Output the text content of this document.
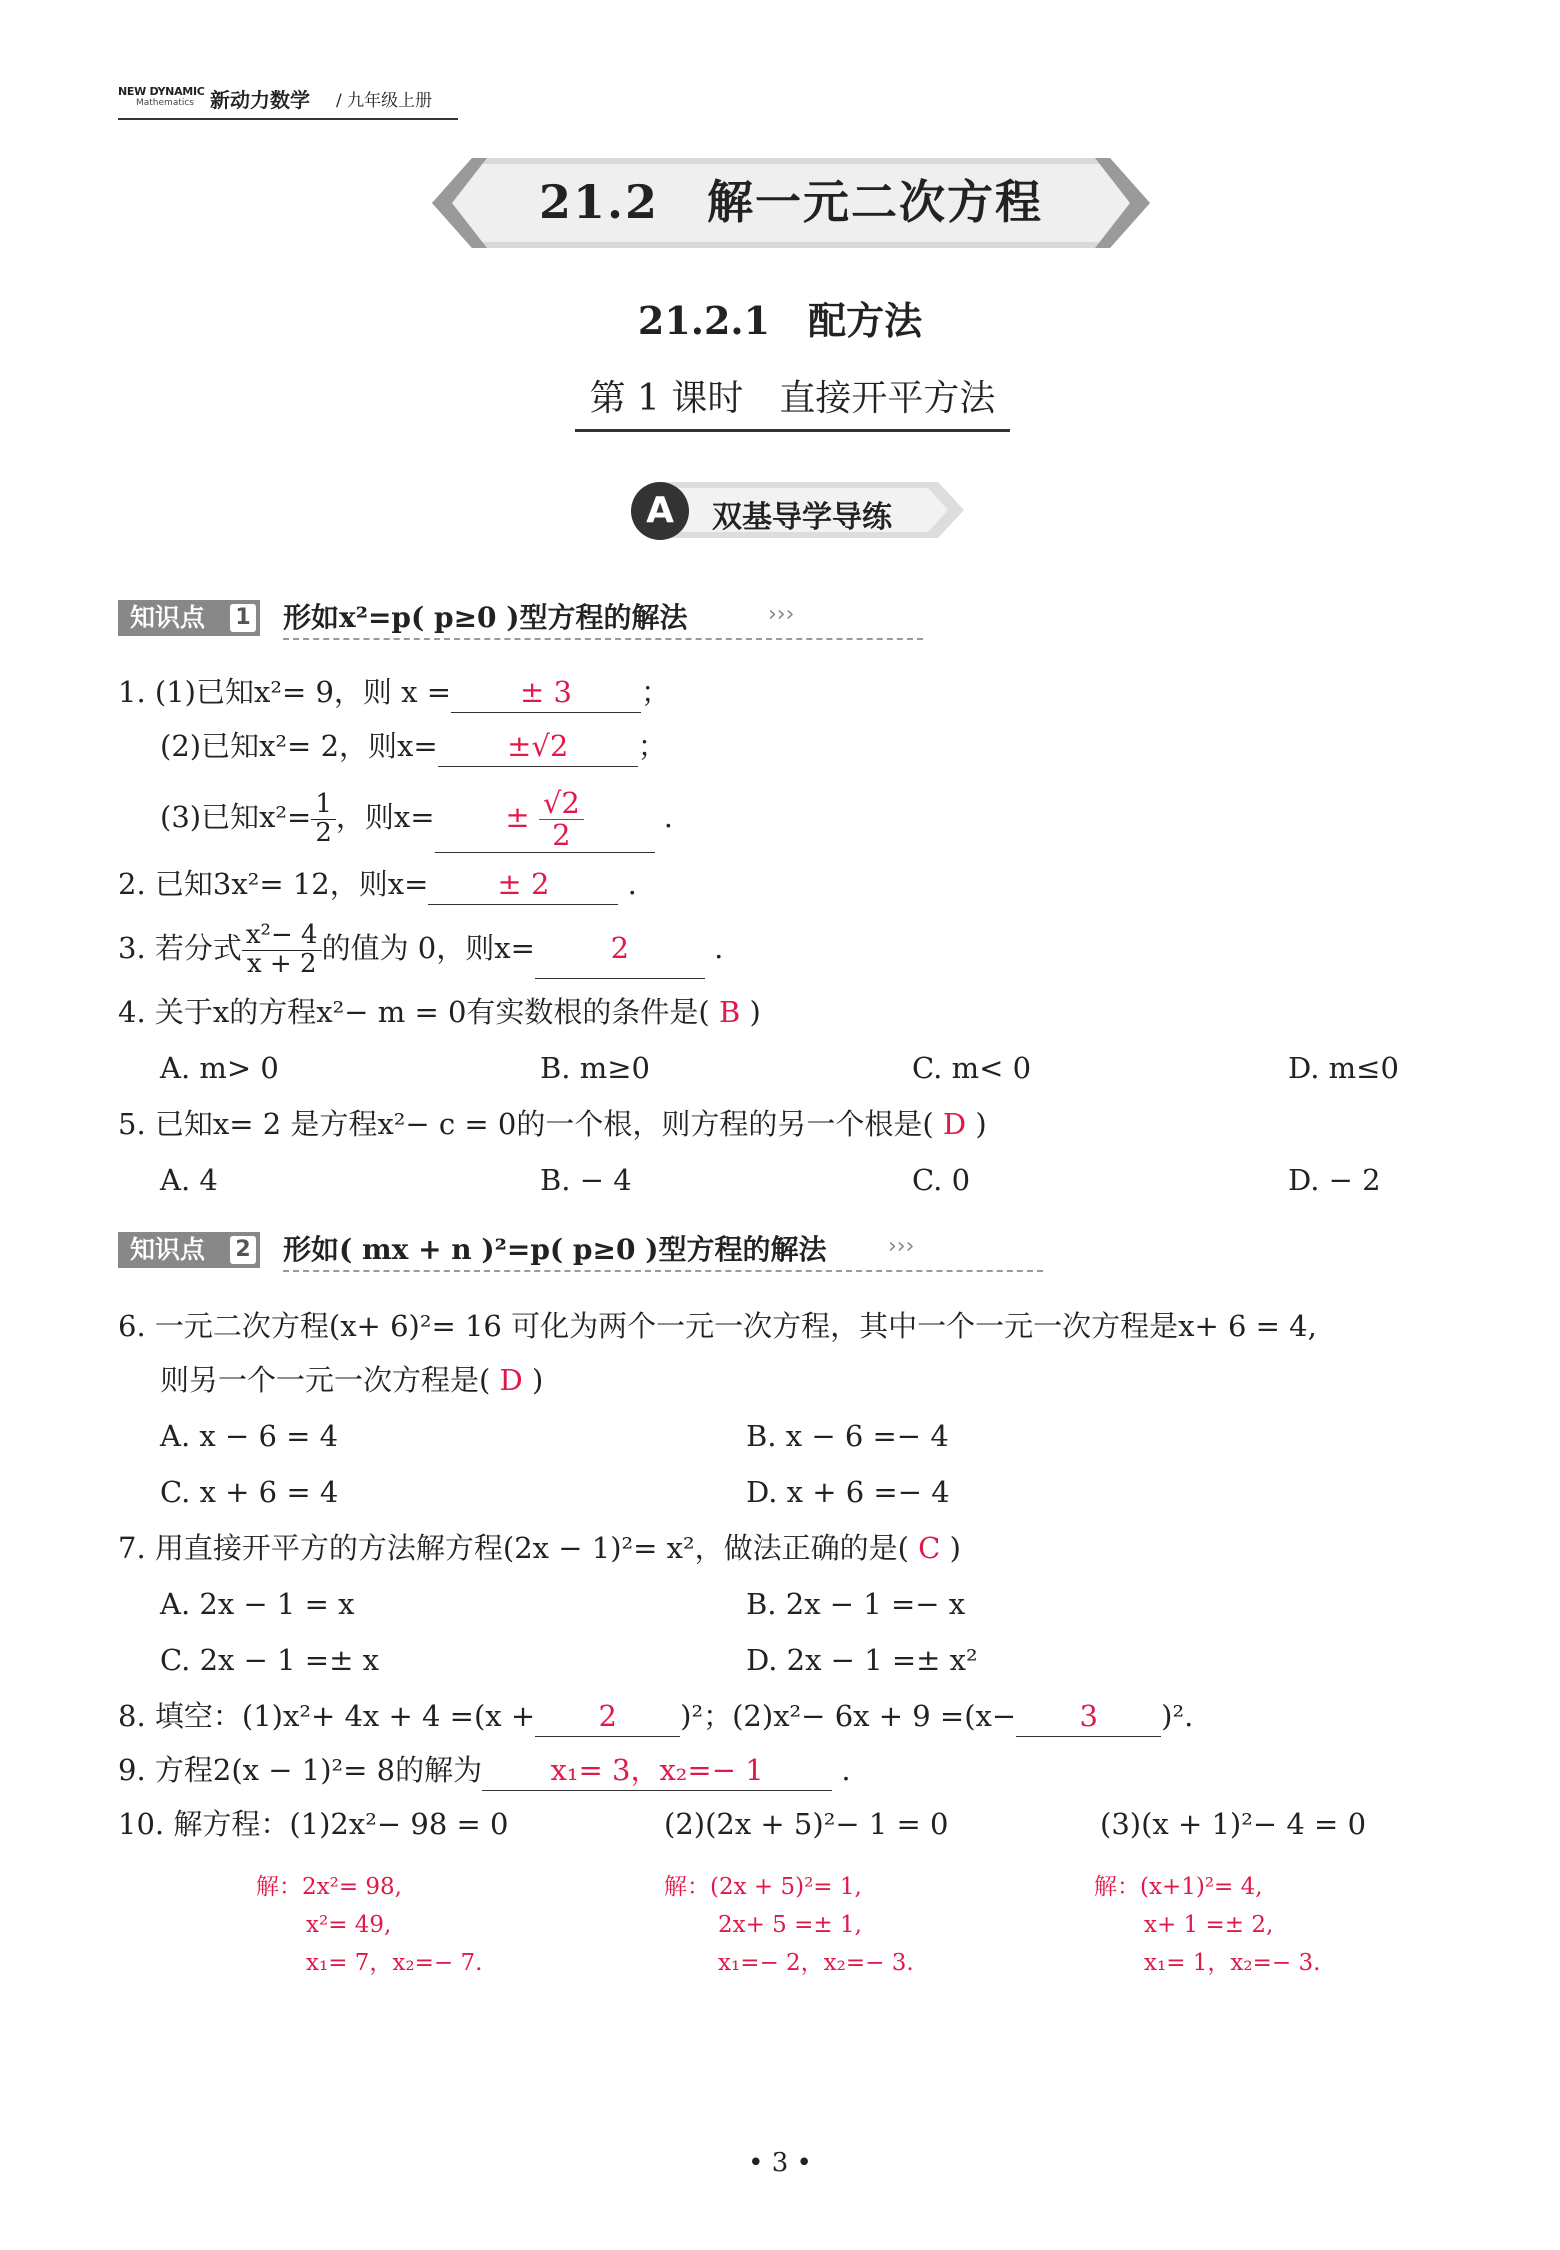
NEW DYNAMIC
Mathematics 新动力数学 / 九年级上册
21.2　解一元二次方程
21.2.1　配方法
第 1 课时　直接开平方法
A	双基导学导练
知识点 1 形如x²=p( p≥0 )型方程的解法	›››
1. (1)已知x²= 9，则 x = ± 3 ；
(2)已知x²= 2，则x= ±√2 ；
(3)已知$x^2= \frac{1}{2}$ ，则$x= \pm \frac{√2}{2}$ .
2. 已知3x²= 12，则x= ± 2 .
3. 若分式 $\frac{\text{x²− 4}}{x + 2}$ 的值为 0，则x=	2	.
4. 关于x的方程x²− m = 0有实数根的条件是( B )
A. m> 0	B. m≥0	C. m< 0	D. m≤0
5. 已知x= 2 是方程x²− c = 0的一个根，则方程的另一个根是( D )
A. 4	B. − 4	C. 0	D. − 2
知识点 2 形如( mx + n )²=p( p≥0 )型方程的解法	›››
6. 一元二次方程(x+ 6)²= 16 可化为两个一元一次方程，其中一个一元一次方程是x+ 6 = 4,
则另一个一元一次方程是( D )
A. x − 6 = 4	B. x − 6 =− 4
C. x + 6 = 4	D. x + 6 =− 4
7. 用直接开平方的方法解方程(2x − 1)²= x²，做法正确的是( C )
A. 2x − 1 = x	B. 2x − 1 =− x
C. 2x − 1 =± x	D. 2x − 1 =± x²
8. 填空：(1)x²+ 4x + 4 =(x + 2 )²；(2)x²− 6x + 9 =(x− 3 )².
9. 方程2(x − 1)²= 8的解为 x₁= 3，x₂=− 1	.
10. 解方程：(1)2x²− 98 = 0	(2)(2x + 5)²− 1 = 0	(3)(x + 1)²− 4 = 0
解：2x²= 98,
x²= 49,
x₁= 7，x₂=− 7.
解：(2x + 5)²= 1,
2x+ 5 =± 1,
x₁=− 2，x₂=− 3.
解：(x+1)²= 4,
x+ 1 =± 2,
x₁= 1，x₂=− 3.
• 3 •
